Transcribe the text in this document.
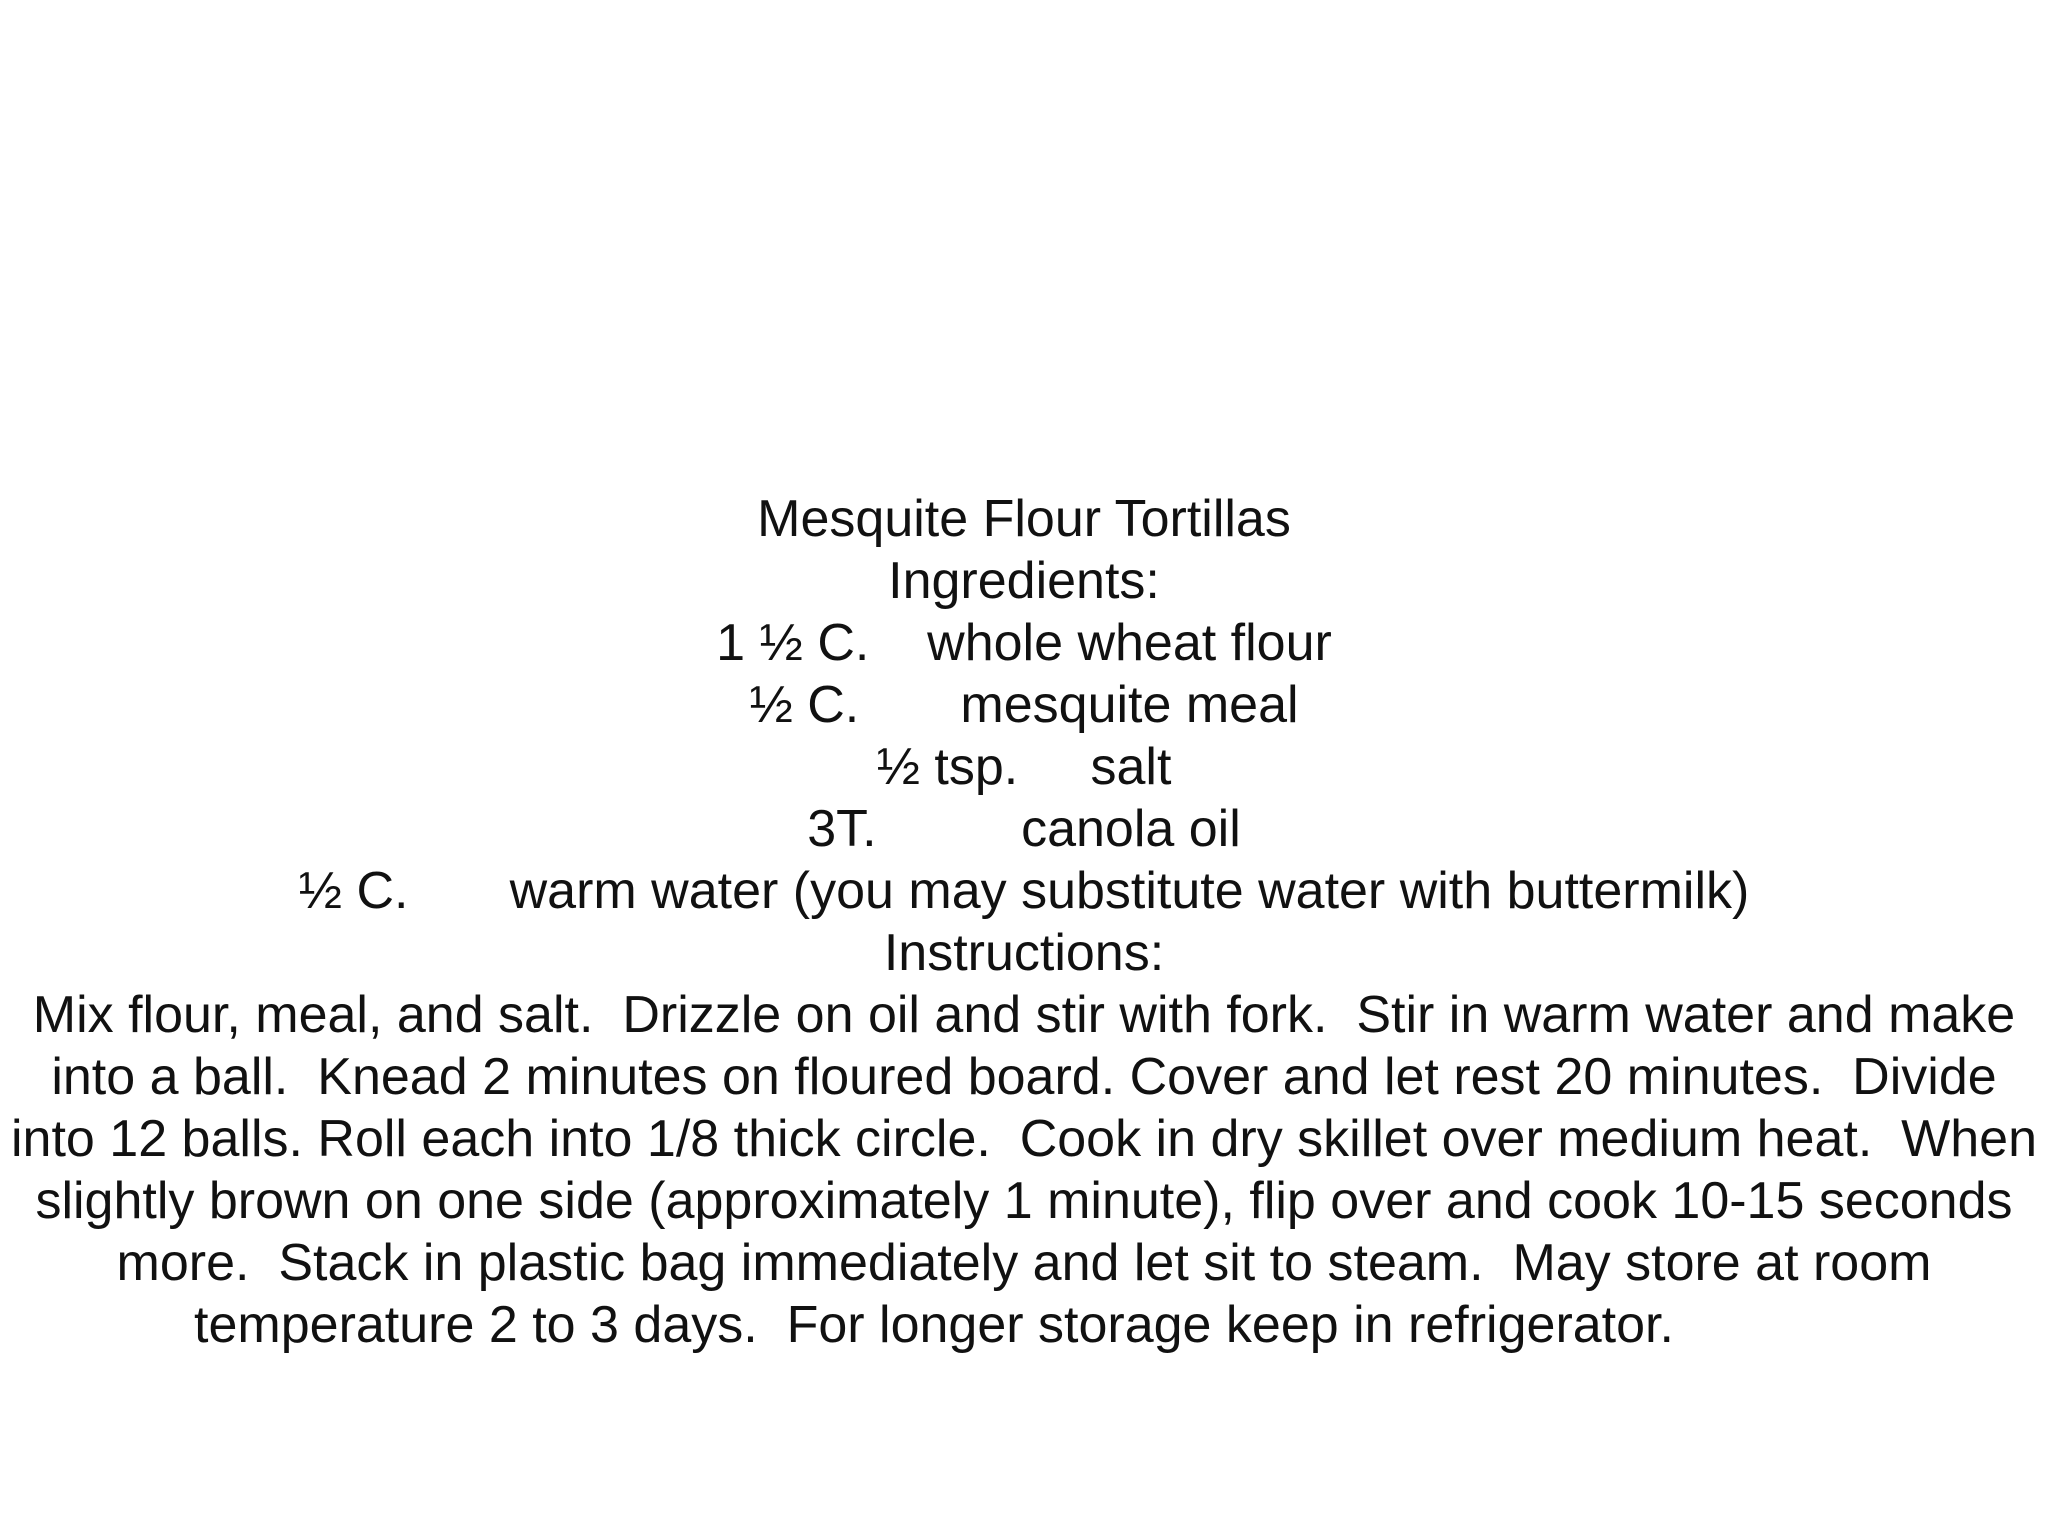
Mesquite Flour Tortillas
Ingredients:
1 ½ C. whole wheat flour
½ C. mesquite meal
½ tsp. salt
3T.	canola oil
½ C. warm water (you may substitute water with buttermilk)
Instructions:
Mix flour, meal, and salt.  Drizzle on oil and stir with fork.  Stir in warm water and make
into a ball.  Knead 2 minutes on floured board. Cover and let rest 20 minutes.  Divide
into 12 balls. Roll each into 1/8 thick circle.  Cook in dry skillet over medium heat.  When
slightly brown on one side (approximately 1 minute), flip over and cook 10-15 seconds
more.  Stack in plastic bag immediately and let sit to steam.  May store at room
temperature 2 to 3 days.  For longer storage keep in refrigerator.
